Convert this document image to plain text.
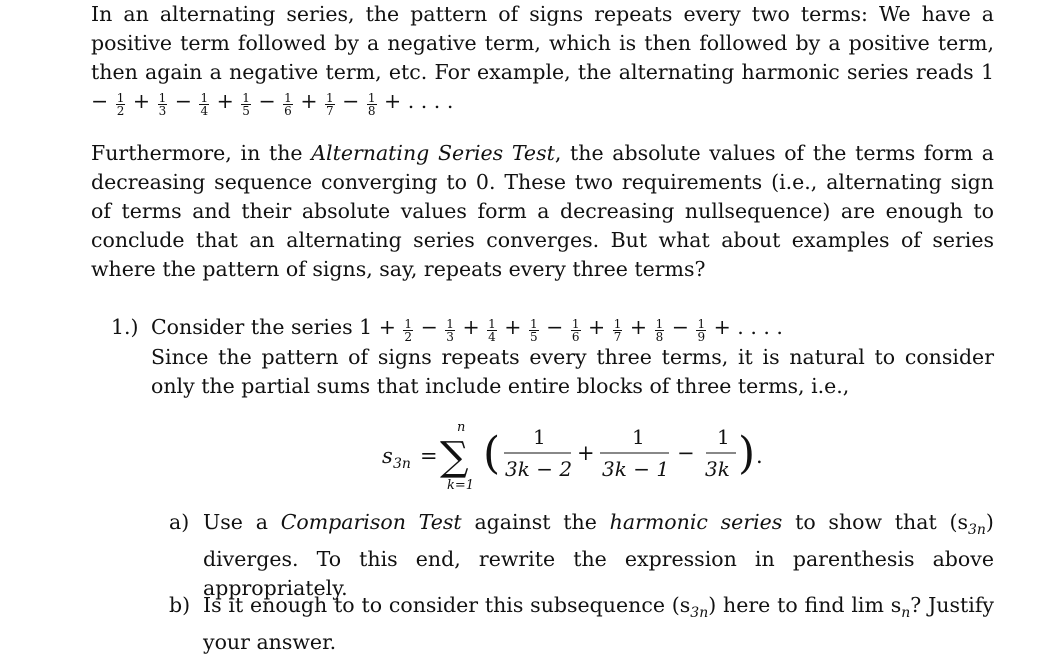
In an alternating series, the pattern of signs repeats every two terms: We have a positive term followed by a negative term, which is then followed by a positive term, then again a negative term, etc. For example, the alternating harmonic series reads $1 - \frac{1}{2} + \frac{1}{3} - \frac{1}{4} + \frac{1}{5} - \frac{1}{6} + \frac{1}{7} - \frac{1}{8}$ + . . . .

Furthermore, in the Alternating Series Test, the absolute values of the terms form a decreasing sequence converging to 0. These two requirements (i.e., alternating sign of terms and their absolute values form a decreasing nullsequence) are enough to conclude that an alternating series converges. But what about examples of series where the pattern of signs, say, repeats every three terms?

1.) Consider the series $1 + \frac{1}{2} - \frac{1}{3} + \frac{1}{4} + \frac{1}{5} - \frac{1}{6} + \frac{1}{7} + \frac{1}{8} - \frac{1}{9}$ + . . . .
Since the pattern of signs repeats every three terms, it is natural to consider only the partial sums that include entire blocks of three terms, i.e.,
s 3n =
n
∑
k=1
( 1
3k − 2
+
1
3k − 1
−
1
3k ) .
a) Use a Comparison Test against the harmonic series to show that $(s_{3n})$ diverges. To this end, rewrite the expression in parenthesis above appropriately.
b) Is it enough to to consider this subsequence $(s_{3n})$ here to find $\lim s_n$? Justify your answer.
